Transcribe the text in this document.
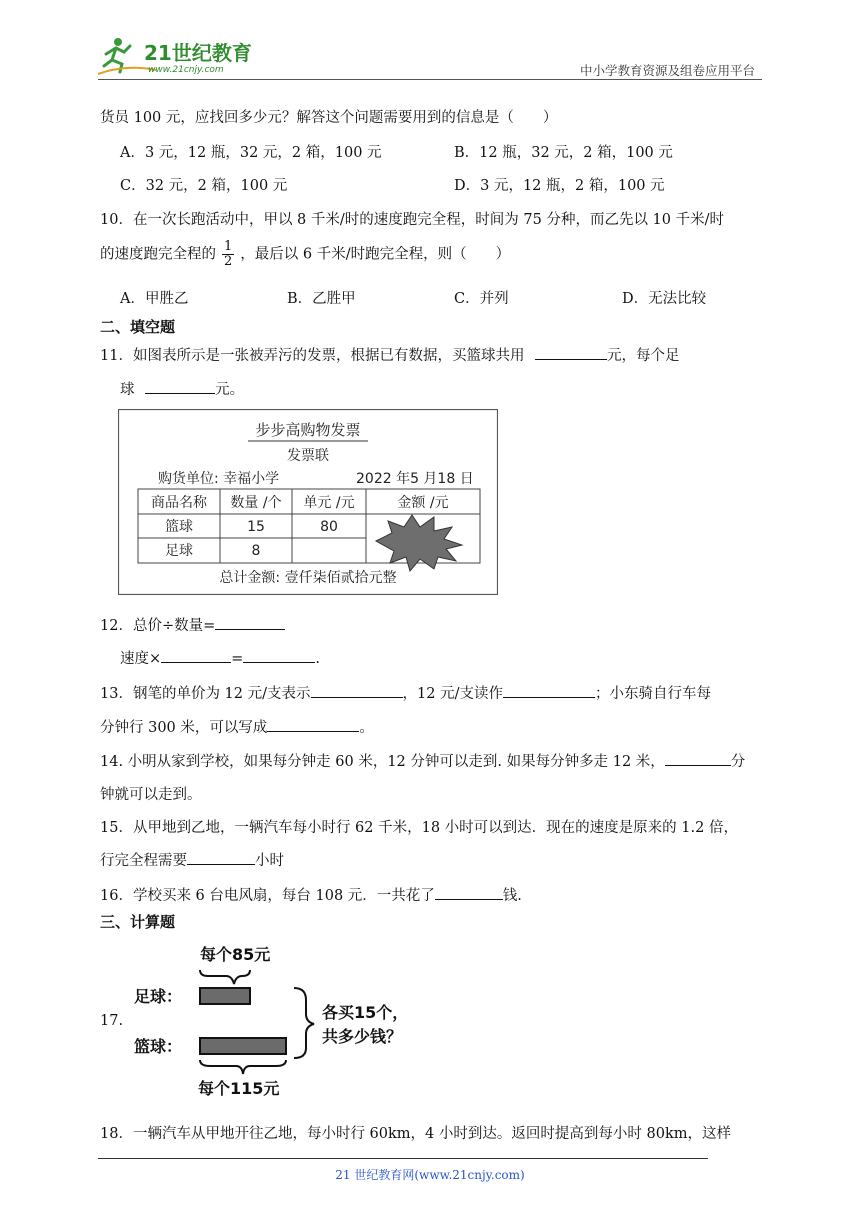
21世纪教育
www.21cnjy.com	中小学教育资源及组卷应用平台
货员 100 元，应找回多少元？解答这个问题需要用到的信息是（　　）
A．3 元，12 瓶，32 元，2 箱，100 元	B．12 瓶，32 元，2 箱，100 元
C．32 元，2 箱，100 元	D．3 元，12 瓶，2 箱，100 元
10．在一次长跑活动中，甲以 8 千米/时的速度跑完全程，时间为 75 分种，而乙先以 10 千米/时
的速度跑完全程的 $\frac{1}{2}$ ，最后以 6 千米/时跑完全程，则（　　）
A．甲胜乙	B．乙胜甲	C．并列	D．无法比较
二、填空题
11．如图表所示是一张被弄污的发票，根据已有数据，买篮球共用	元，每个足
球	元。
步步高购物发票
发票联
购货单位: 幸福小学	2022 年5 月18 日
商品名称 数量 /个 单元 /元	金额 /元
篮球	15	80
足球	8
总计金额: 壹仟柒佰贰拾元整
12．总价÷数量=
速度×	=	.
13．钢笔的单价为 12 元/支表示	，12 元/支读作	；小东骑自行车每
分钟行 300 米，可以写成	。
14. 小明从家到学校，如果每分钟走 60 米，12 分钟可以走到. 如果每分钟多走 12 米，	分
钟就可以走到。
15．从甲地到乙地，一辆汽车每小时行 62 千米，18 小时可以到达．现在的速度是原来的 1.2 倍，
行完全程需要	小时
16．学校买来 6 台电风扇，每台 108 元．一共花了	钱.
三、计算题
17.
每个85元
足球：
篮球：
每个115元
各买15个，
共多少钱？
18．一辆汽车从甲地开往乙地，每小时行 60km，4 小时到达。返回时提高到每小时 80km，这样
21 世纪教育网(www.21cnjy.com)
